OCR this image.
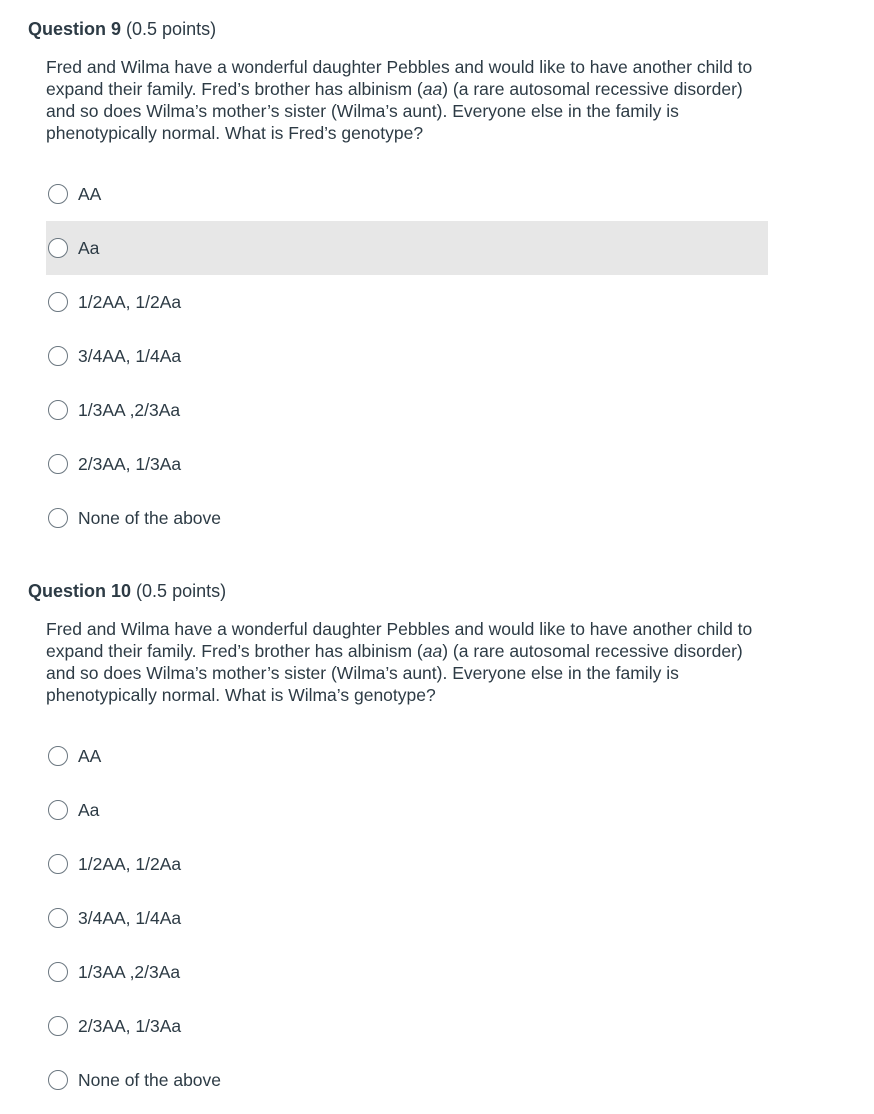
Question 9 (0.5 points)
Fred and Wilma have a wonderful daughter Pebbles and would like to have another child to expand their family. Fred’s brother has albinism (aa) (a rare autosomal recessive disorder) and so does Wilma’s mother’s sister (Wilma’s aunt). Everyone else in the family is phenotypically normal. What is Fred’s genotype?
AA
Aa
1/2AA, 1/2Aa
3/4AA, 1/4Aa
1/3AA ,2/3Aa
2/3AA, 1/3Aa
None of the above
Question 10 (0.5 points)
Fred and Wilma have a wonderful daughter Pebbles and would like to have another child to expand their family. Fred’s brother has albinism (aa) (a rare autosomal recessive disorder) and so does Wilma’s mother’s sister (Wilma’s aunt). Everyone else in the family is phenotypically normal. What is Wilma’s genotype?
AA
Aa
1/2AA, 1/2Aa
3/4AA, 1/4Aa
1/3AA ,2/3Aa
2/3AA, 1/3Aa
None of the above
